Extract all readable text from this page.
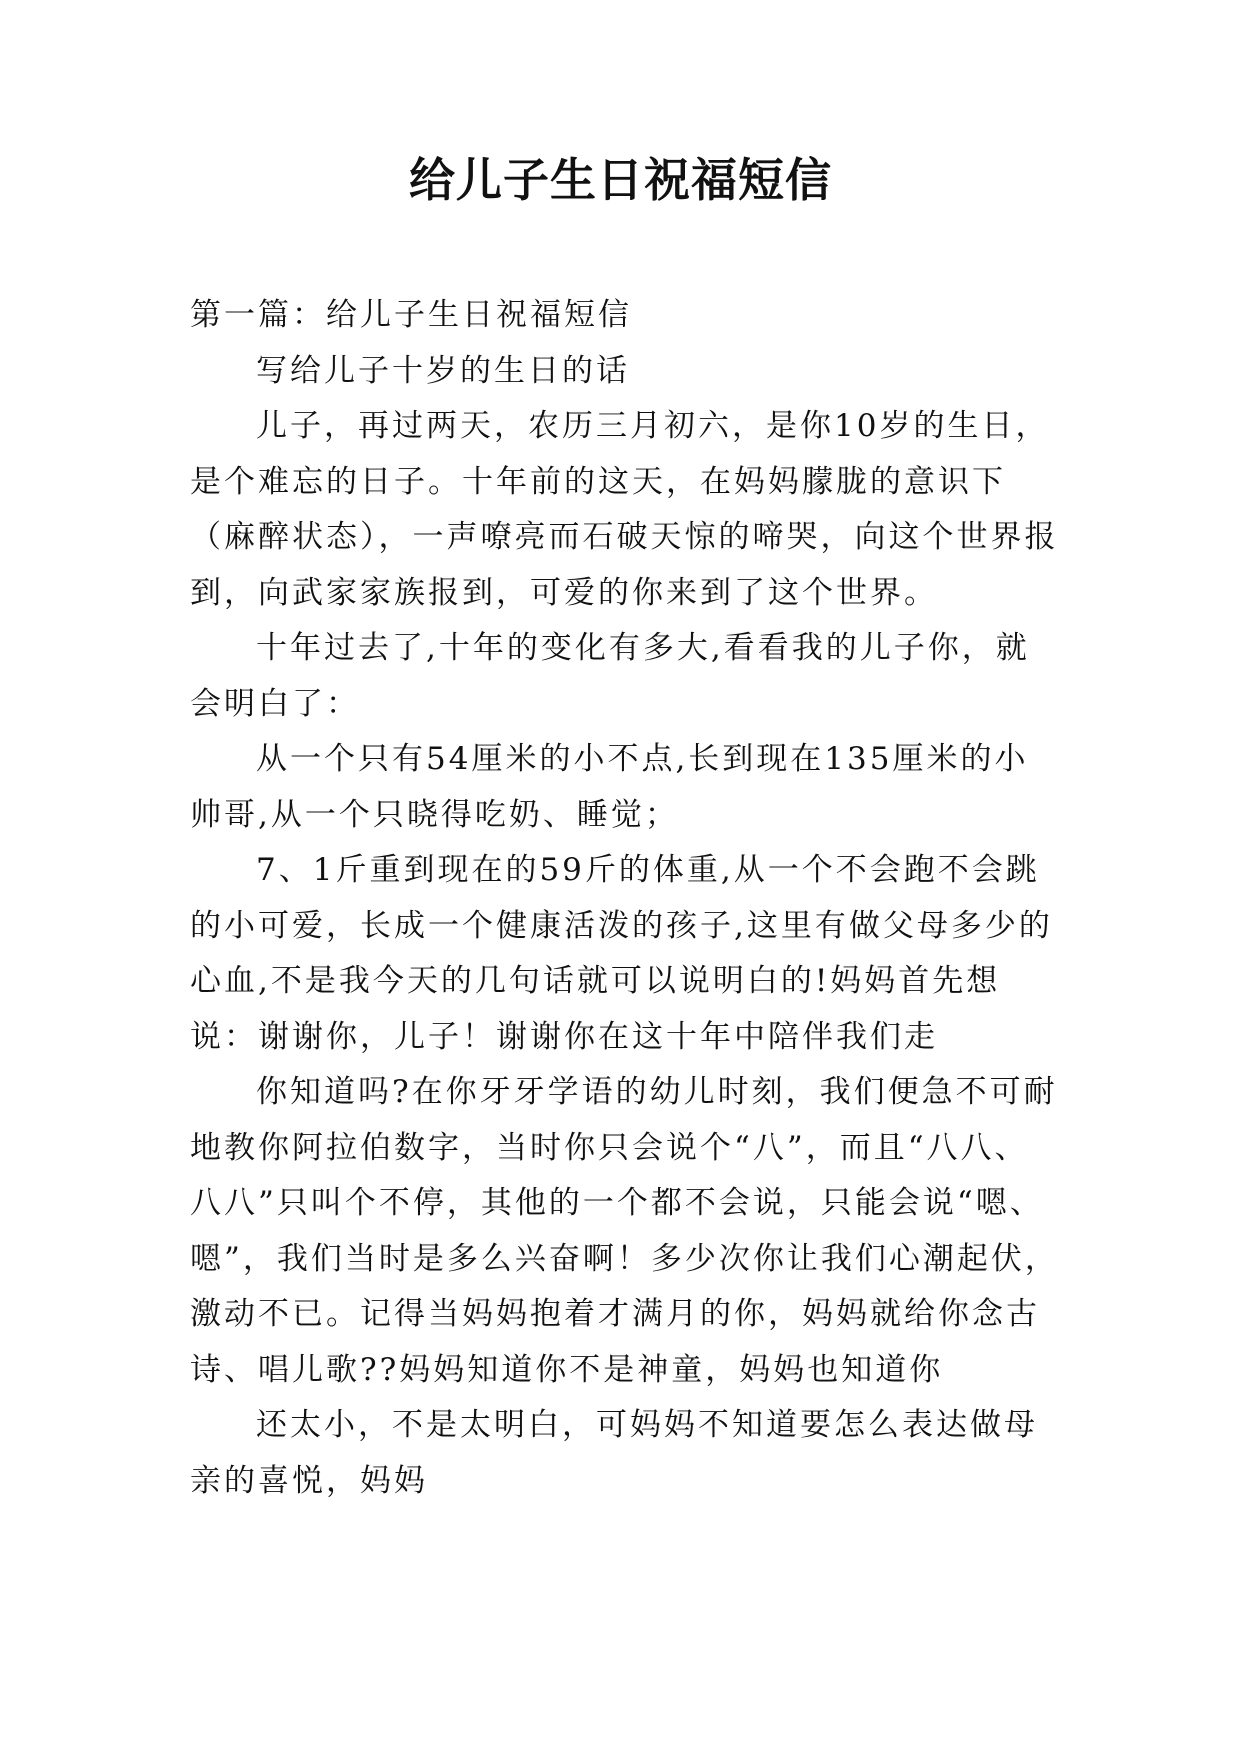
给儿子生日祝福短信

第一篇：给儿子生日祝福短信

写给儿子十岁的生日的话

儿子，再过两天，农历三月初六，是你10岁的生日，是个难忘的日子。十年前的这天，在妈妈朦胧的意识下（麻醉状态），一声嘹亮而石破天惊的啼哭，向这个世界报到，向武家家族报到，可爱的你来到了这个世界。

十年过去了,十年的变化有多大,看看我的儿子你，就会明白了：

从一个只有54厘米的小不点,长到现在135厘米的小帅哥,从一个只晓得吃奶、睡觉；

7、1斤重到现在的59斤的体重,从一个不会跑不会跳的小可爱，长成一个健康活泼的孩子,这里有做父母多少的心血,不是我今天的几句话就可以说明白的!妈妈首先想说：谢谢你，儿子！谢谢你在这十年中陪伴我们走

你知道吗?在你牙牙学语的幼儿时刻，我们便急不可耐地教你阿拉伯数字，当时你只会说个“八”，而且“八八、八八”只叫个不停，其他的一个都不会说，只能会说“嗯、嗯”，我们当时是多么兴奋啊！多少次你让我们心潮起伏，激动不已。记得当妈妈抱着才满月的你，妈妈就给你念古诗、唱儿歌??妈妈知道你不是神童，妈妈也知道你

还太小，不是太明白，可妈妈不知道要怎么表达做母亲的喜悦，妈妈
